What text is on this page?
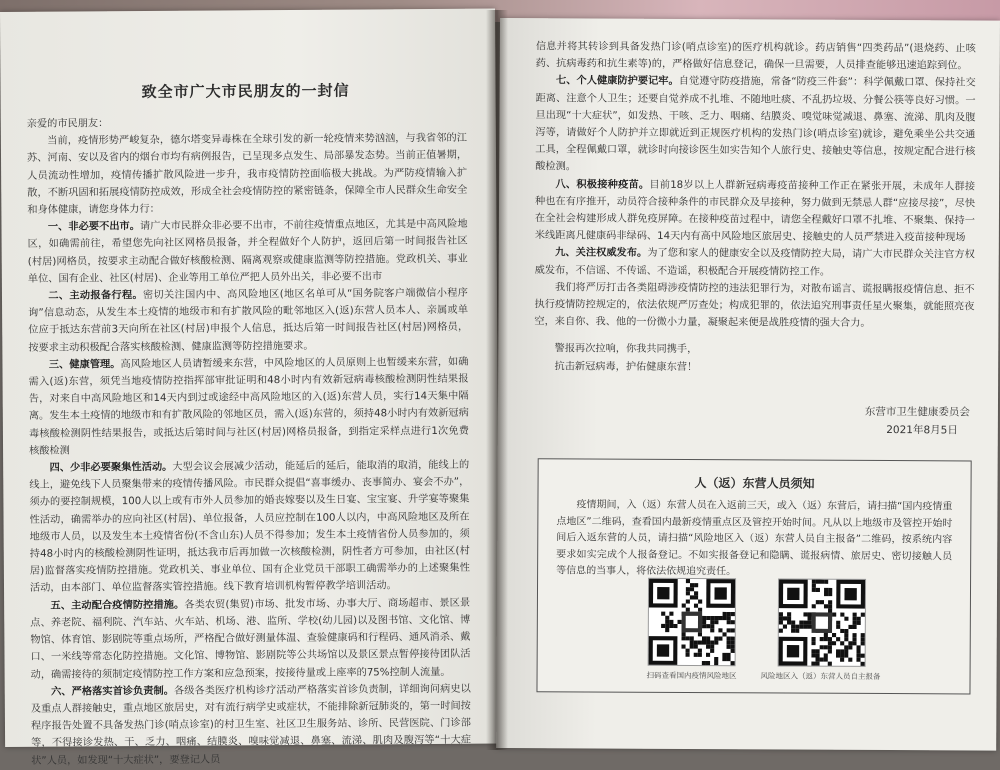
致全市广大市民朋友的一封信

亲爱的市民朋友：

当前，疫情形势严峻复杂，德尔塔变异毒株在全球引发的新一轮疫情来势汹汹，与我省邻的江苏、河南、安以及省内的烟台市均有病例报告，已呈现多点发生、局部暴发态势。当前正值暑期，人员流动性增加，疫情传播扩散风险进一步升，我市疫情防控面临极大挑战。为严防疫情输入扩散，不断巩固和拓展疫情防控成效，形成全社会疫情防控的紧密链条，保障全市人民群众生命安全和身体健康，请您身体力行：

一、非必要不出市。请广大市民群众非必要不出市，不前往疫情重点地区，尤其是中高风险地区，如确需前往，希望您先向社区网格员报备，并全程做好个人防护，返回后第一时间报告社区(村居)网格员，按要求主动配合做好核酸检测、隔离观察或健康监测等防控措施。党政机关、事业单位、国有企业、社区(村居)、企业等用工单位严把人员外出关，非必要不出市

二、主动报备行程。密切关注国内中、高风险地区(地区名单可从“国务院客户端微信小程序询”信息动态，从发生本土疫情的地级市和有扩散风险的毗邻地区入(返)东营人员本人、亲属或单位应于抵达东营前3天向所在社区(村居)申报个人信息，抵达后第一时间报告社区(村居)网格员，按要求主动积极配合落实核酸检测、健康监测等防控措施要求。

三、健康管理。高风险地区人员请暂缓来东营，中风险地区的人员原则上也暂缓来东营，如确需入(返)东营，须凭当地疫情防控指挥部审批证明和48小时内有效新冠病毒核酸检测阴性结果报告，对来自中高风险地区和14天内到过或途经中高风险地区的入(返)东营人员，实行14天集中隔离。发生本土疫情的地级市和有扩散风险的邻地区员，需入(返)东营的，须持48小时内有效新冠病毒核酸检测阴性结果报告，或抵达后第时间与社区(村居)网格员报备，到指定采样点进行1次免费核酸检测

四、少非必要聚集性活动。大型会议会展减少活动，能延后的延后，能取消的取消，能线上的线上，避免线下人员聚集带来的疫情传播风险。市民群众提倡“喜事缓办、丧事简办、宴会不办”，须办的要控制规模，100人以上或有市外人员参加的婚丧嫁娶以及生日宴、宝宝宴、升学宴等聚集性活动，确需举办的应向社区(村居)、单位报备，人员应控制在100人以内，中高风险地区及所在地级市人员，以及发生本土疫情省份(不含山东)人员不得参加；发生本土疫情省份人员参加的，须持48小时内的核酸检测阴性证明，抵达我市后再加做一次核酸检测，阴性者方可参加，由社区(村居)监督落实疫情防控措施。党政机关、事业单位、国有企业党员干部职工确需举办的上述聚集性活动，由本部门、单位监督落实管控措施。线下教育培训机构暂停教学培训活动。

五、主动配合疫情防控措施。各类农贸(集贸)市场、批发市场、办事大厅、商场超市、景区景点、养老院、福利院、汽车站、火车站、机场、港、监所、学校(幼儿园)以及图书馆、文化馆、博物馆、体育馆、影剧院等重点场所，严格配合做好测量体温、查验健康码和行程码、通风消杀、戴口、一米线等常态化防控措施。文化馆、博物馆、影剧院等公共场馆以及景区景点暂停接待团队活动，确需接待的须制定疫情防控工作方案和应急预案，按接待量或上座率的75%控制人流量。

六、严格落实首诊负责制。各级各类医疗机构诊疗活动严格落实首诊负责制，详细询问病史以及重点人群接触史，重点地区旅居史，对有流行病学史或症状，不能排除新冠肺炎的，第一时间按程序报告处置不具备发热门诊(哨点诊室)的村卫生室、社区卫生服务站、诊所、民营医院、门诊部等，不得接诊发热、干、乏力、咽痛、结膜炎、嗅味觉减退、鼻塞、流涕、肌肉及腹泻等“十大症状”人员，如发现“十大症状”，要登记人员

信息并将其转诊到具备发热门诊(哨点诊室)的医疗机构就诊。药店销售“四类药品”(退烧药、止咳药、抗病毒药和抗生素等)的，严格做好信息登记，确保一旦需要，人员排查能够迅速追踪到位。

七、个人健康防护要记牢。自觉遵守防疫措施，常备“防疫三件套”：科学佩戴口罩、保持社交距离、注意个人卫生；还要自觉养成不扎堆、不随地吐痰、不乱扔垃圾、分餐公筷等良好习惯。一旦出现“十大症状”，如发热、干咳、乏力、咽痛、结膜炎、嗅觉味觉减退、鼻塞、流涕、肌肉及腹泻等，请做好个人防护并立即就近到正规医疗机构的发热门诊(哨点诊室)就诊，避免乘坐公共交通工具，全程佩戴口罩，就诊时向接诊医生如实告知个人旅行史、接触史等信息，按规定配合进行核酸检测。

八、积极接种疫苗。目前18岁以上人群新冠病毒疫苗接种工作正在紧张开展，未成年人群接种也在有序推开，动员符合接种条件的市民群众及早接种，努力做到无禁忌人群“应接尽接”，尽快在全社会构建形成人群免疫屏障。在接种疫苗过程中，请您全程戴好口罩不扎堆、不聚集、保持一米线距离凡健康码非绿码、14天内有高中风险地区旅居史、接触史的人员严禁进入疫苗接种现场

九、关注权威发布。为了您和家人的健康安全以及疫情防控大局，请广大市民群众关注官方权威发布，不信谣、不传谣、不造谣，积极配合开展疫情防控工作。

我们将严厉打击各类阻碍涉疫情防控的违法犯罪行为，对散布谣言、谎报瞒报疫情信息、拒不执行疫情防控规定的，依法依规严厉查处；构成犯罪的，依法追究刑事责任星火聚集，就能照亮夜空，来自你、我、他的一份微小力量，凝聚起来便是战胜疫情的强大合力。

警报再次拉响，你我共同携手，

抗击新冠病毒，护佑健康东营！

东营市卫生健康委员会
2021年8月5日
人（返）东营人员须知

疫情期间，入（返）东营人员在入返前三天，或入（返）东营后，请扫描“国内疫情重点地区”二维码，查看国内最新疫情重点区及管控开始时间。凡从以上地级市及管控开始时间后入返东营的人员，请扫描“风险地区入（返）东营人员自主报备”二维码，按系统内容要求如实完成个人报备登记。不如实报备登记和隐瞒、谎报病情、旅居史、密切接触人员等信息的当事人，将依法依规追究责任。

扫码查看国内疫情风险地区	风险地区入（返）东营人员自主报备
